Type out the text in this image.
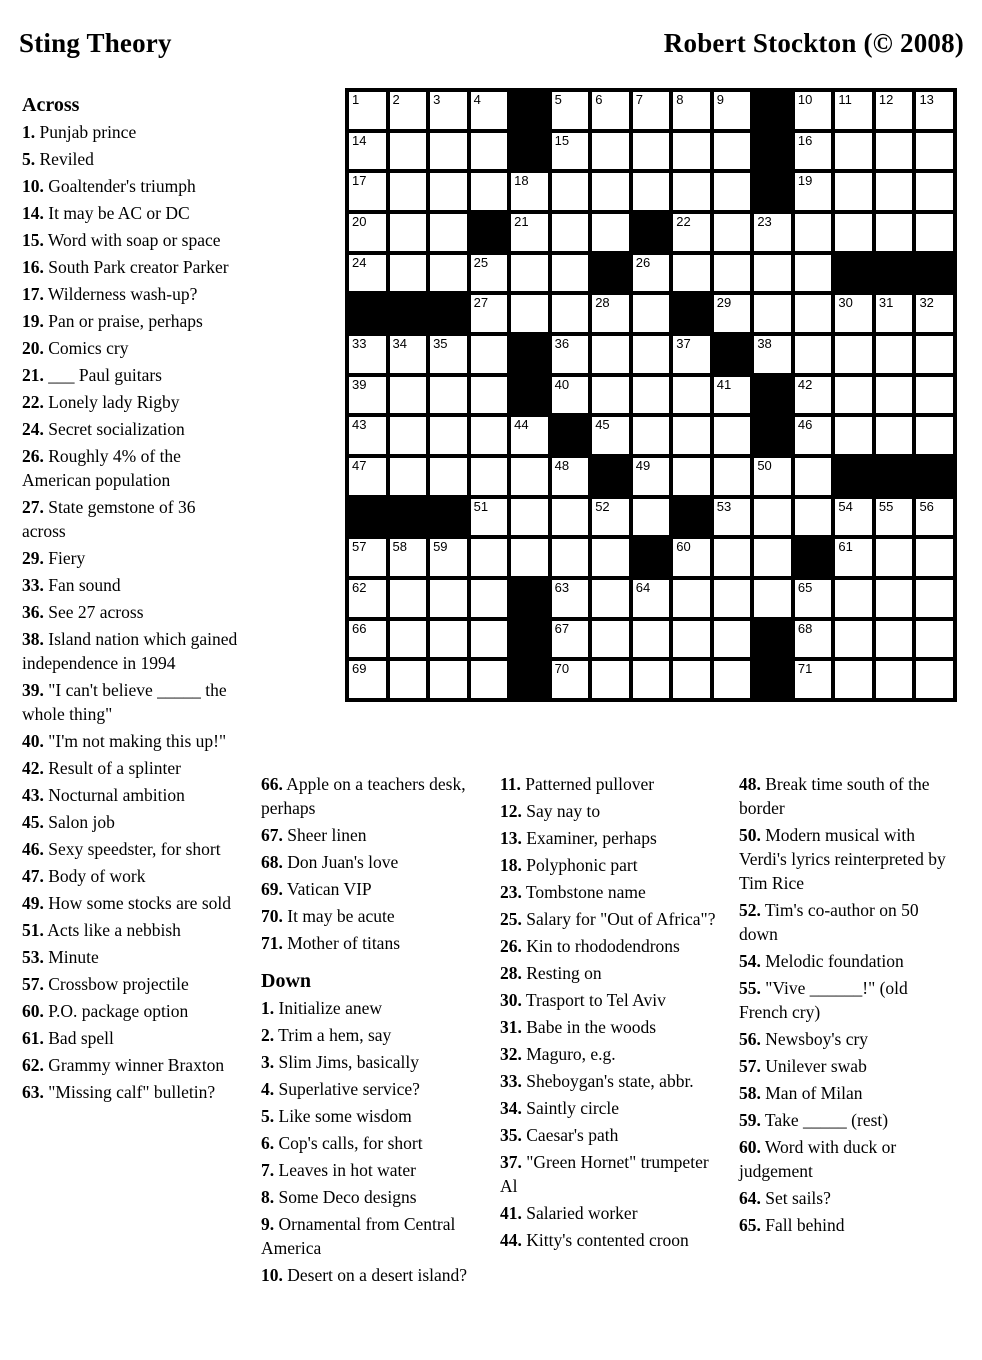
Sting Theory	Robert Stockton (© 2008)
1	2	3	4	5	6	7	8	9	10 11 12 13
14	15	16
17	18	19
20	21	22	23
24	25	26
27	28	29	30 31 32
33 34 35	36	37	38
39	40	41	42
43	44	45	46
47	48	49	50
51	52	53	54 55 56
57 58 59	60	61
62	63	64	65
66	67	68
69	70	71

Across

1. Punjab prince

5. Reviled

10. Goaltender's triumph

14. It may be AC or DC

15. Word with soap or space

16. South Park creator Parker

17. Wilderness wash-up?

19. Pan or praise, perhaps

20. Comics cry

21. ___ Paul guitars

22. Lonely lady Rigby

24. Secret socialization

26. Roughly 4% of the American population

27. State gemstone of 36 across

29. Fiery

33. Fan sound

36. See 27 across

38. Island nation which gained independence in 1994

39. "I can't believe _____ the whole thing"

40. "I'm not making this up!"

42. Result of a splinter

43. Nocturnal ambition

45. Salon job

46. Sexy speedster, for short

47. Body of work

49. How some stocks are sold

51. Acts like a nebbish

53. Minute

57. Crossbow projectile

60. P.O. package option

61. Bad spell

62. Grammy winner Braxton

63. "Missing calf" bulletin?

66. Apple on a teachers desk, perhaps

67. Sheer linen

68. Don Juan's love

69. Vatican VIP

70. It may be acute

71. Mother of titans

Down

1. Initialize anew

2. Trim a hem, say

3. Slim Jims, basically

4. Superlative service?

5. Like some wisdom

6. Cop's calls, for short

7. Leaves in hot water

8. Some Deco designs

9. Ornamental from Central America

10. Desert on a desert island?

11. Patterned pullover

12. Say nay to

13. Examiner, perhaps

18. Polyphonic part

23. Tombstone name

25. Salary for "Out of Africa"?

26. Kin to rhododendrons

28. Resting on

30. Trasport to Tel Aviv

31. Babe in the woods

32. Maguro, e.g.

33. Sheboygan's state, abbr.

34. Saintly circle

35. Caesar's path

37. "Green Hornet" trumpeter Al

41. Salaried worker

44. Kitty's contented croon

48. Break time south of the border

50. Modern musical with Verdi's lyrics reinterpreted by Tim Rice

52. Tim's co-author on 50 down

54. Melodic foundation

55. "Vive ______!" (old French cry)

56. Newsboy's cry

57. Unilever swab

58. Man of Milan

59. Take _____ (rest)

60. Word with duck or judgement

64. Set sails?

65. Fall behind
